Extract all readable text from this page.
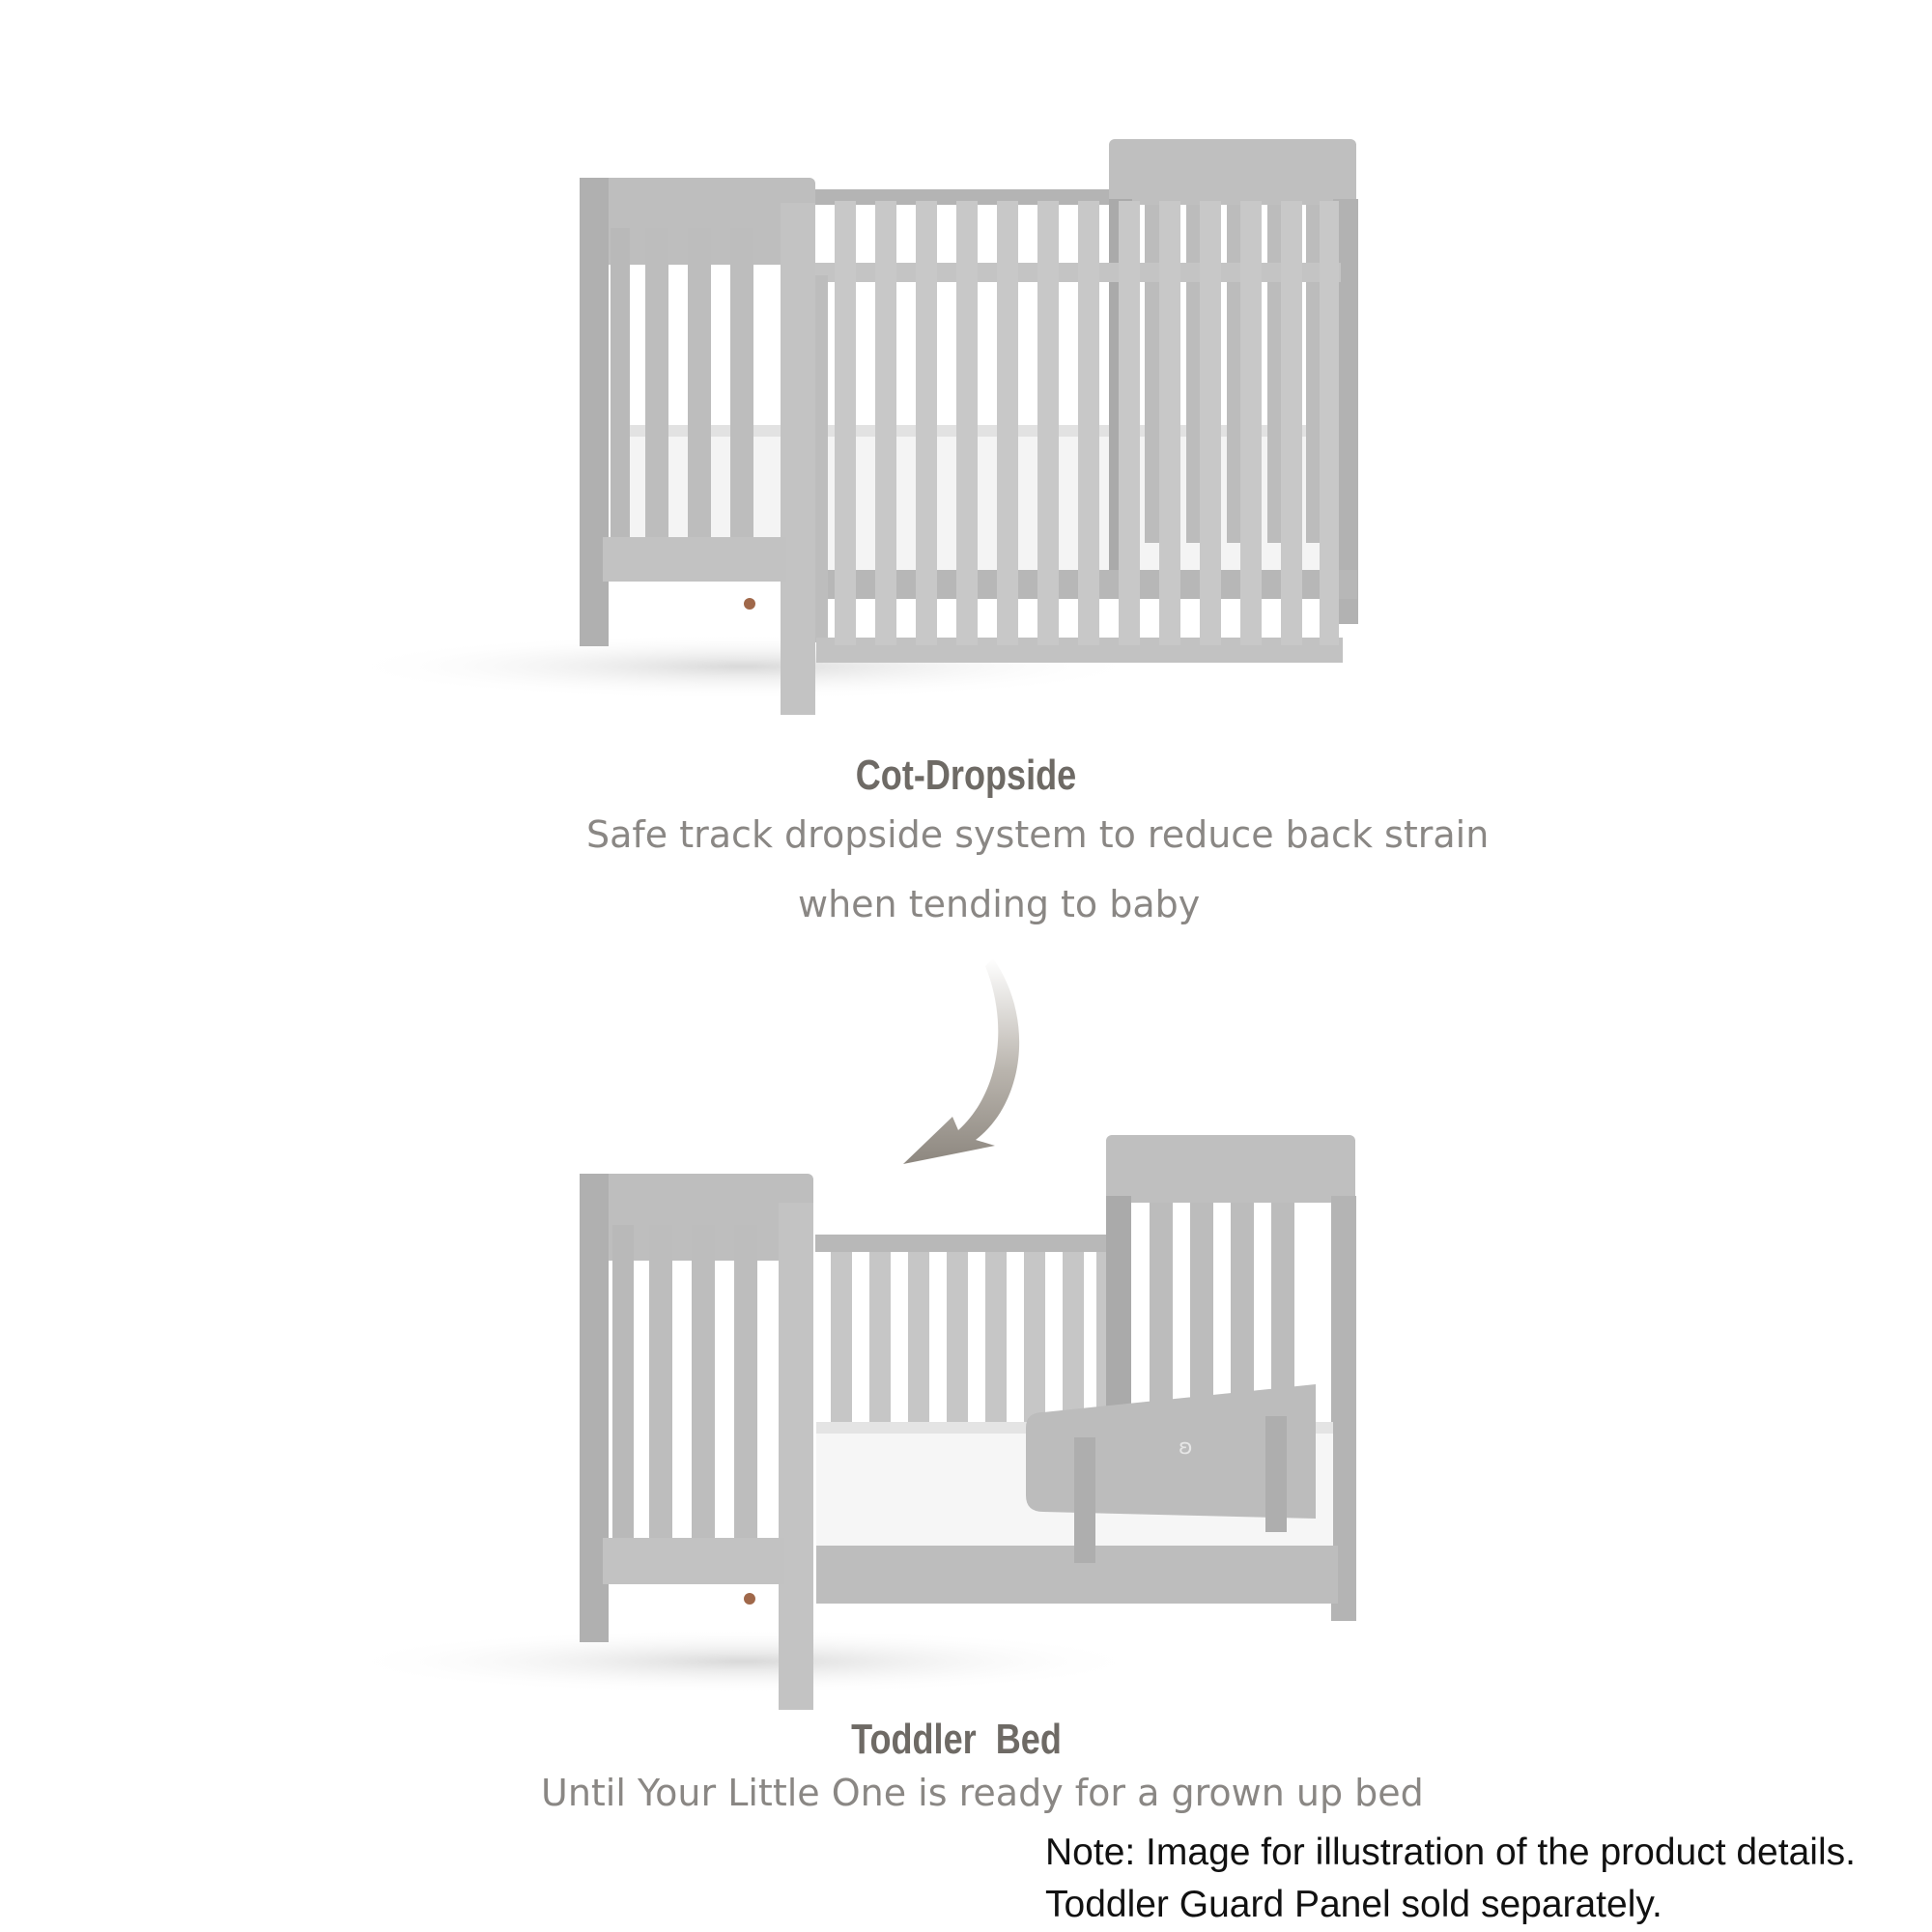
ʚ
Cot-Dropside
Safe track dropside system to reduce back strain
when tending to baby
Toddler  Bed
Until Your Little One is ready for a grown up bed
Note: Image for illustration of the product details.
Toddler Guard Panel sold separately.
